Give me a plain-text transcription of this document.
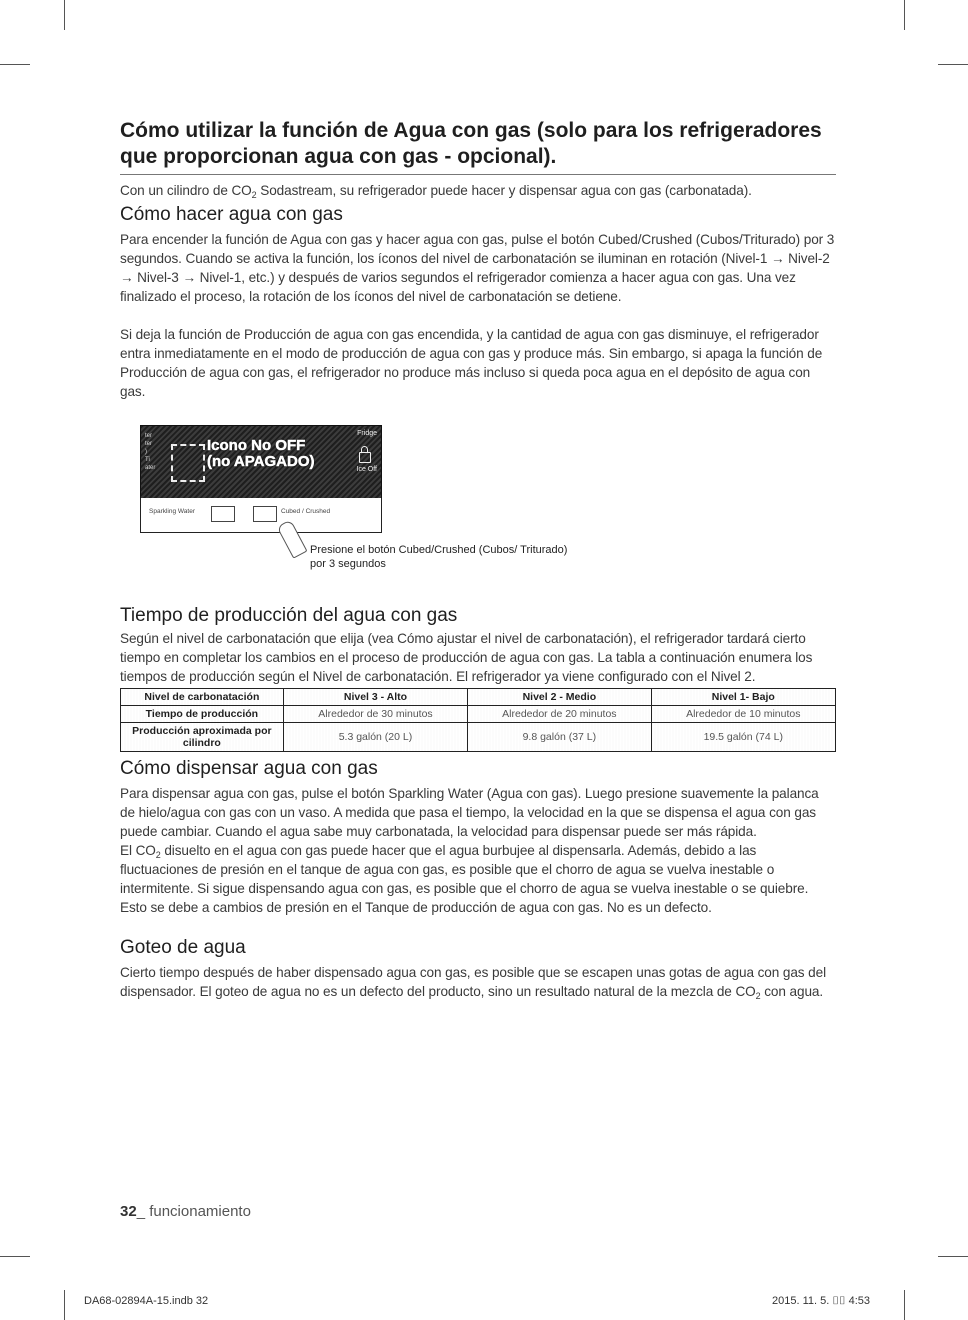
Cómo utilizar la función de Agua con gas (solo para los refrigeradores que proporcionan agua con gas - opcional).

Con un cilindro de $CO_2$ Sodastream, su refrigerador puede hacer y dispensar agua con gas (carbonatada).

Cómo hacer agua con gas

Para encender la función de Agua con gas y hacer agua con gas, pulse el botón Cubed/Crushed (Cubos/Triturado) por 3 segundos. Cuando se activa la función, los íconos del nivel de carbonatación se iluminan en rotación (Nivel-1 → Nivel-2 → Nivel-3 → Nivel-1, etc.) y después de varios segundos el refrigerador comienza a hacer agua con gas. Una vez finalizado el proceso, la rotación de los íconos del nivel de carbonatación se detiene.

Si deja la función de Producción de agua con gas encendida, y la cantidad de agua con gas disminuye, el refrigerador entra inmediatamente en el modo de producción de agua con gas y produce más. Sin embargo, si apaga la función de Producción de agua con gas, el refrigerador no produce más incluso si queda poca agua en el depósito de agua con gas.

ter
ter
)
Ti
ater
Icono No OFF
(no APAGADO)
Fridge
Ice Off
Sparkling Water	Cubed / Crushed
Presione el botón Cubed/Crushed (Cubos/ Triturado) por 3 segundos
Tiempo de producción del agua con gas

Según el nivel de carbonatación que elija (vea Cómo ajustar el nivel de carbonatación), el refrigerador tardará cierto tiempo en completar los cambios en el proceso de producción de agua con gas. La tabla a continuación enumera los tiempos de producción según el Nivel de carbonatación. El refrigerador ya viene configurado con el Nivel 2.

Nivel de carbonatación	Nivel 3 - Alto	Nivel 2 - Medio	Nivel 1- Bajo
Tiempo de producción	Alrededor de 30 minutos	Alrededor de 20 minutos	Alrededor de 10 minutos
Producción aproximada por cilindro	5.3 galón (20 L)	9.8 galón (37 L)	19.5 galón (74 L)
Cómo dispensar agua con gas

Para dispensar agua con gas, pulse el botón Sparkling Water (Agua con gas). Luego presione suavemente la palanca de hielo/agua con gas con un vaso. A medida que pasa el tiempo, la velocidad en la que se dispensa el agua con gas puede cambiar. Cuando el agua sabe muy carbonatada, la velocidad para dispensar puede ser más rápida.

El $CO_2$ disuelto en el agua con gas puede hacer que el agua burbujee al dispensarla. Además, debido a las fluctuaciones de presión en el tanque de agua con gas, es posible que el chorro de agua se vuelva inestable o intermitente. Si sigue dispensando agua con gas, es posible que el chorro de agua se vuelva inestable o se quiebre. Esto se debe a cambios de presión en el Tanque de producción de agua con gas. No es un defecto.

Goteo de agua

Cierto tiempo después de haber dispensado agua con gas, es posible que se escapen unas gotas de agua con gas del dispensador. El goteo de agua no es un defecto del producto, sino un resultado natural de la mezcla de $CO_2$ con agua.

32_ funcionamiento
DA68-02894A-15.indb 32	2015. 11. 5. ⌷⌷ 4:53
